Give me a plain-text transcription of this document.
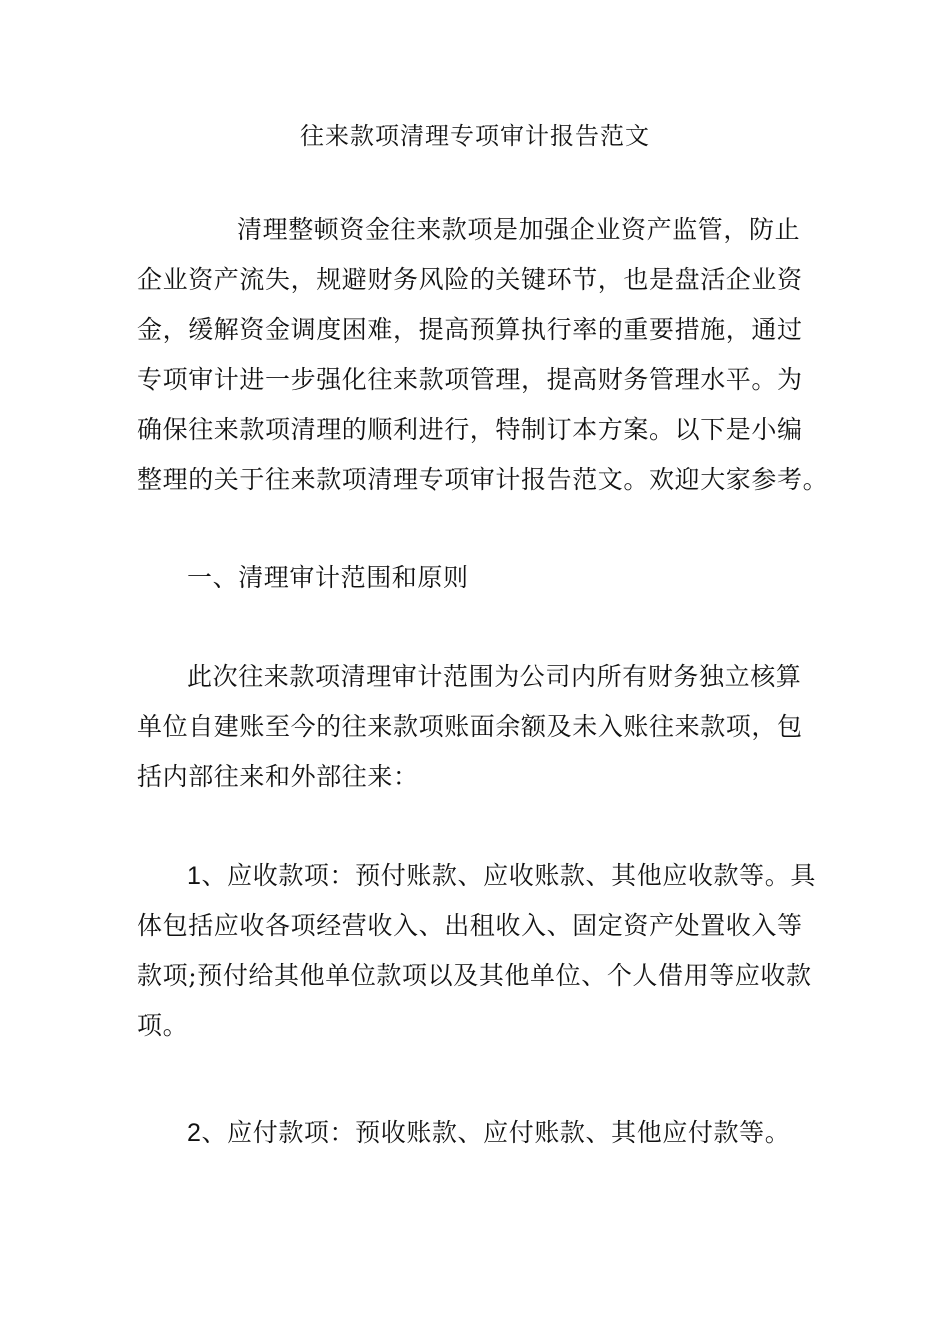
往来款项清理专项审计报告范文
清理整顿资金往来款项是加强企业资产监管，防止
企业资产流失，规避财务风险的关键环节，也是盘活企业资
金，缓解资金调度困难，提高预算执行率的重要措施，通过
专项审计进一步强化往来款项管理，提高财务管理水平。为
确保往来款项清理的顺利进行，特制订本方案。以下是小编
整理的关于往来款项清理专项审计报告范文。欢迎大家参考。
一、清理审计范围和原则
此次往来款项清理审计范围为公司内所有财务独立核算
单位自建账至今的往来款项账面余额及未入账往来款项，包
括内部往来和外部往来：
1、应收款项：预付账款、应收账款、其他应收款等。具
体包括应收各项经营收入、出租收入、固定资产处置收入等
款项;预付给其他单位款项以及其他单位、个人借用等应收款
项。
2、应付款项：预收账款、应付账款、其他应付款等。
